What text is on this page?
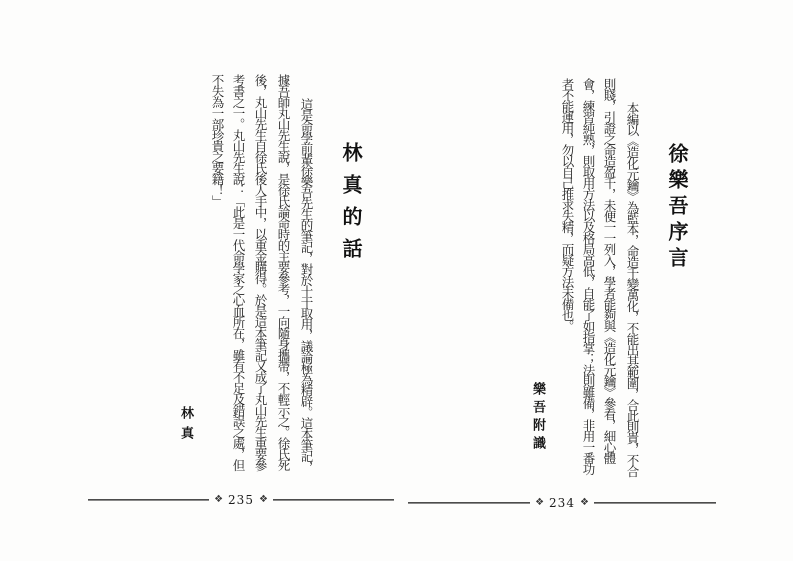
徐樂吾序言
本編以《造化元鑰》為藍本，命造千變萬化，不能出其範圍，合此則貴，不合
則賤，引證之命造盈千，未便一一列入，學者能夠與《造化元鑰》參看，細心體
會，練習純熟，則取用方法以及格局高低，自能了如指掌；法則雖備，非用一番功
者不能運用，勿以自己推求失精，而疑方法未備也。
樂吾附識
❖ 234 ❖
林真的話
這是命學前輩徐樂吾先生的筆記，對於十干取用，議論極為精辟。這本筆記，
據吾師丸山先生說，是徐氏論命時的主要參考，一向隨身攜帶，不輕示之。徐氏死
後，丸山先生自徐氏後人手中，以重金購得。於是這本筆記又成了丸山先生重要參
考書之一。丸山先生說：「此是一代命學家之心血所在，雖有不足及錯誤之處，但
不失為一部珍貴之要籍！」
林真
❖ 235 ❖
